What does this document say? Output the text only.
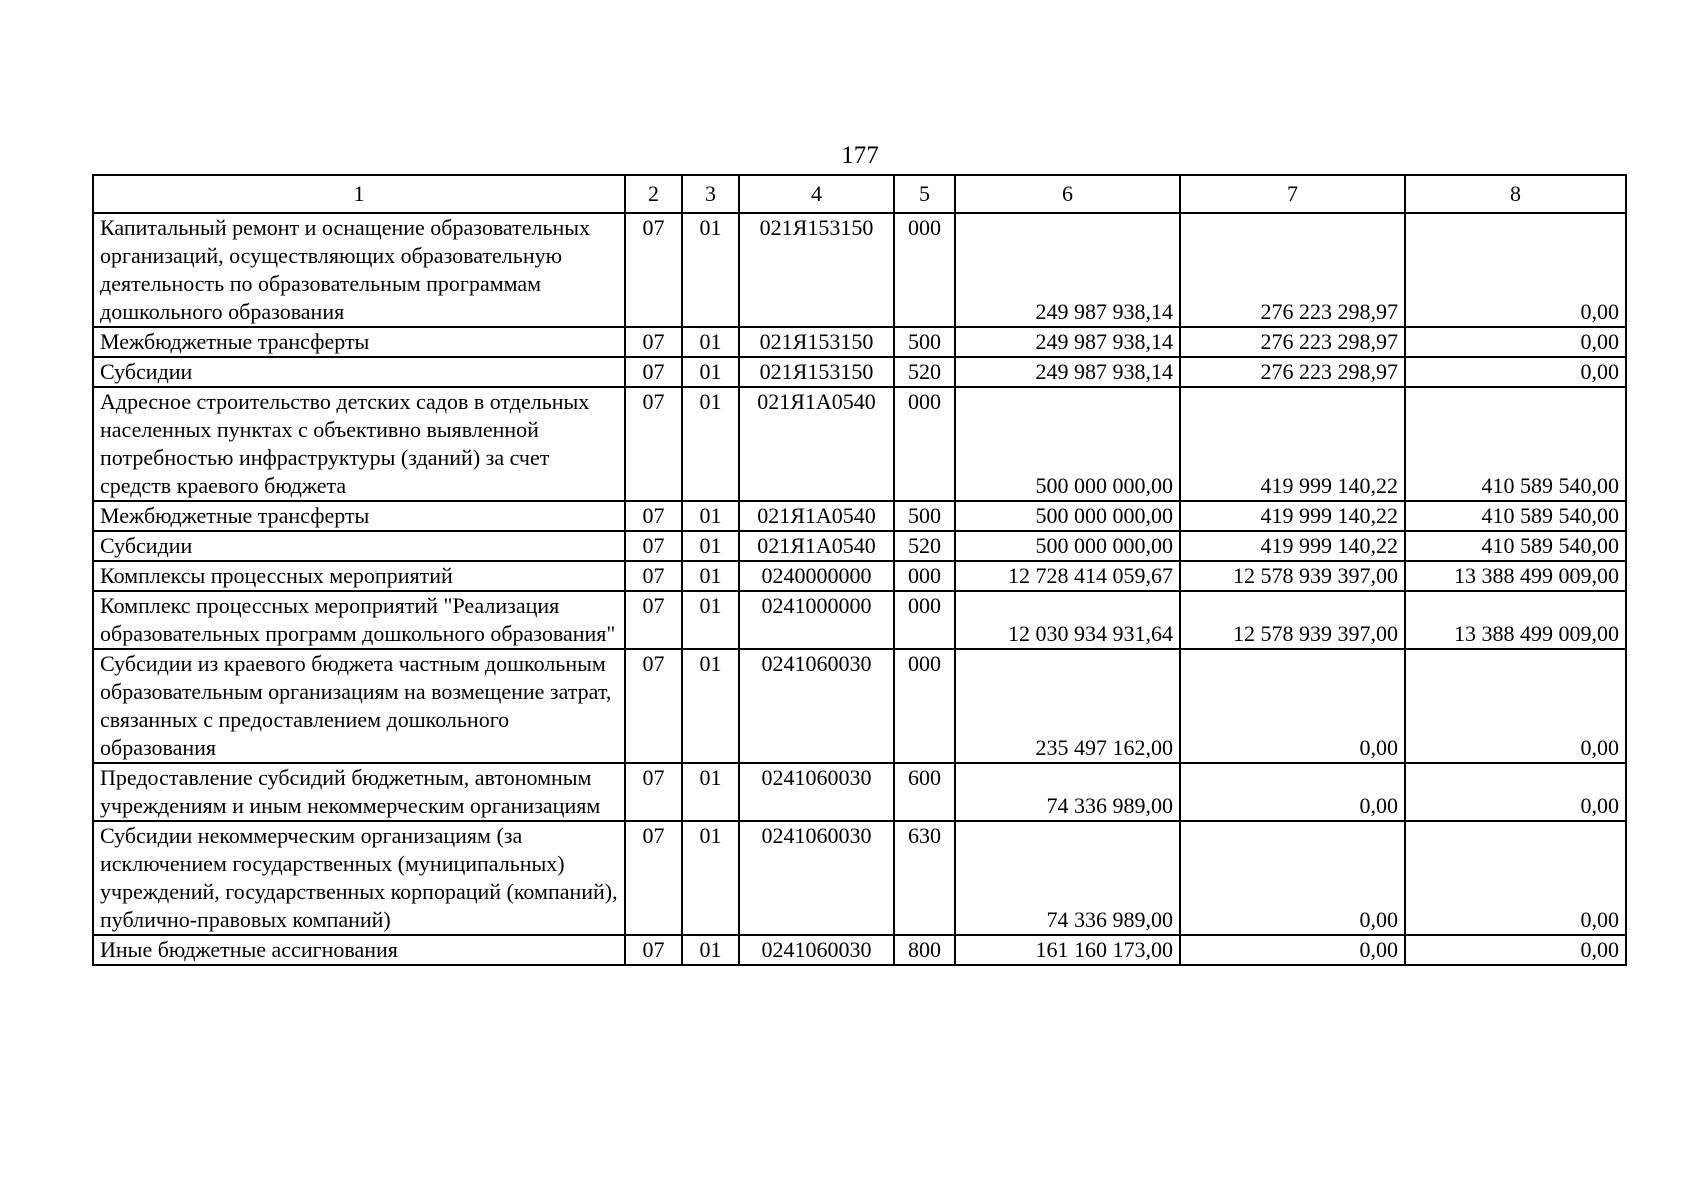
177
1	2	3	4	5	6	7	8
Капитальный ремонт и оснащение образовательных организаций, осуществляющих образовательную деятельность по образовательным программам дошкольного образования	07	01	021Я153150	000	249 987 938,14	276 223 298,97	0,00
Межбюджетные трансферты	07	01	021Я153150	500	249 987 938,14	276 223 298,97	0,00
Субсидии	07	01	021Я153150	520	249 987 938,14	276 223 298,97	0,00
Адресное строительство детских садов в отдельных населенных пунктах с объективно выявленной потребностью инфраструктуры (зданий) за счет средств краевого бюджета	07	01	021Я1А0540	000	500 000 000,00	419 999 140,22	410 589 540,00
Межбюджетные трансферты	07	01	021Я1А0540	500	500 000 000,00	419 999 140,22	410 589 540,00
Субсидии	07	01	021Я1А0540	520	500 000 000,00	419 999 140,22	410 589 540,00
Комплексы процессных мероприятий	07	01	0240000000	000	12 728 414 059,67	12 578 939 397,00	13 388 499 009,00
Комплекс процессных мероприятий "Реализация образовательных программ дошкольного образования"	07	01	0241000000	000	12 030 934 931,64	12 578 939 397,00	13 388 499 009,00
Субсидии из краевого бюджета частным дошкольным образовательным организациям на возмещение затрат, связанных с предоставлением дошкольного образования	07	01	0241060030	000	235 497 162,00	0,00	0,00
Предоставление субсидий бюджетным, автономным учреждениям и иным некоммерческим организациям	07	01	0241060030	600	74 336 989,00	0,00	0,00
Субсидии некоммерческим организациям (за исключением государственных (муниципальных) учреждений, государственных корпораций (компаний), публично-правовых компаний)	07	01	0241060030	630	74 336 989,00	0,00	0,00
Иные бюджетные ассигнования	07	01	0241060030	800	161 160 173,00	0,00	0,00
